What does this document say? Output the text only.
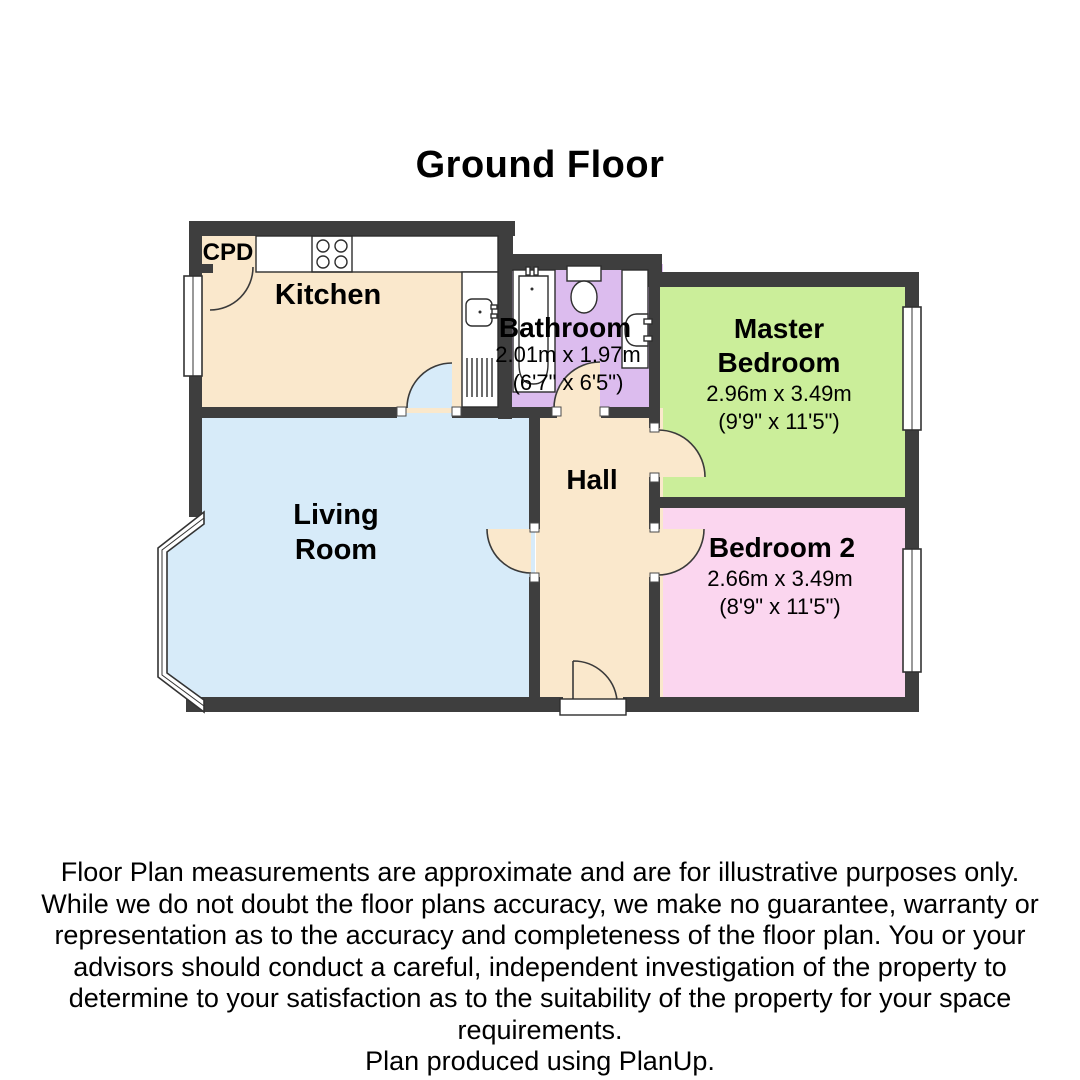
Ground Floor
Kitchen
CPD
Bathroom
2.01m x 1.97m
(6'7" x 6'5")
Master
Bedroom
2.96m x 3.49m
(9'9" x 11'5")
Bedroom 2
2.66m x 3.49m
(8'9" x 11'5")
Living
Room
Hall
Floor Plan measurements are approximate and are for illustrative purposes only.
While we do not doubt the floor plans accuracy, we make no guarantee, warranty or
representation as to the accuracy and completeness of the floor plan. You or your
advisors should conduct a careful, independent investigation of the property to
determine to your satisfaction as to the suitability of the property for your space
requirements.
Plan produced using PlanUp.
